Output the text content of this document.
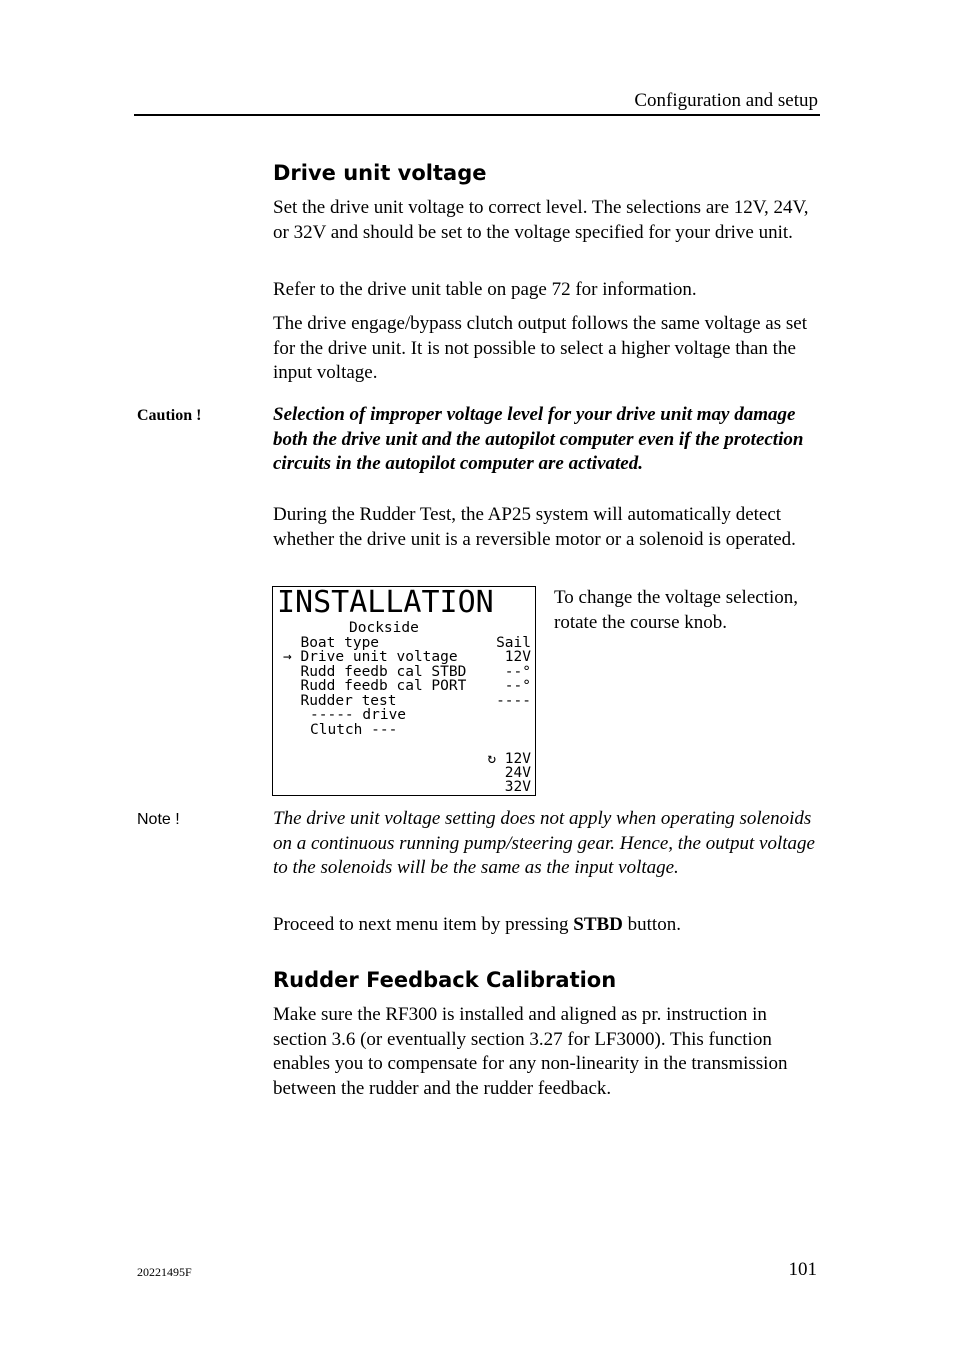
Configuration and setup
Drive unit voltage
Set the drive unit voltage to correct level. The selections are 12V, 24V, or 32V and should be set to the voltage specified for your drive unit.
Refer to the drive unit table on page 72 for information.
The drive engage/bypass clutch output follows the same voltage as set for the drive unit. It is not possible to select a higher voltage than the input voltage.
Caution !	Selection of improper voltage level for your drive unit may damage both the drive unit and the autopilot computer even if the protection circuits in the autopilot computer are activated.
During the Rudder Test, the AP25 system will automatically detect whether the drive unit is a reversible motor or a solenoid is operated.
INSTALLATION
Dockside
Boat type	Sail
→ Drive unit voltage	12V
Rudd feedb cal STBD	--°
Rudd feedb cal PORT	--°
Rudder test	----
----- drive
Clutch ---
↻ 12V
24V
32V
To change the voltage selection, rotate the course knob.
Note !	The drive unit voltage setting does not apply when operating solenoids on a continuous running pump/steering gear. Hence, the output voltage to the solenoids will be the same as the input voltage.
Proceed to next menu item by pressing STBD button.
Rudder Feedback Calibration
Make sure the RF300 is installed and aligned as pr. instruction in section 3.6 (or eventually section 3.27 for LF3000). This function enables you to compensate for any non-linearity in the transmission between the rudder and the rudder feedback.
20221495F	101
